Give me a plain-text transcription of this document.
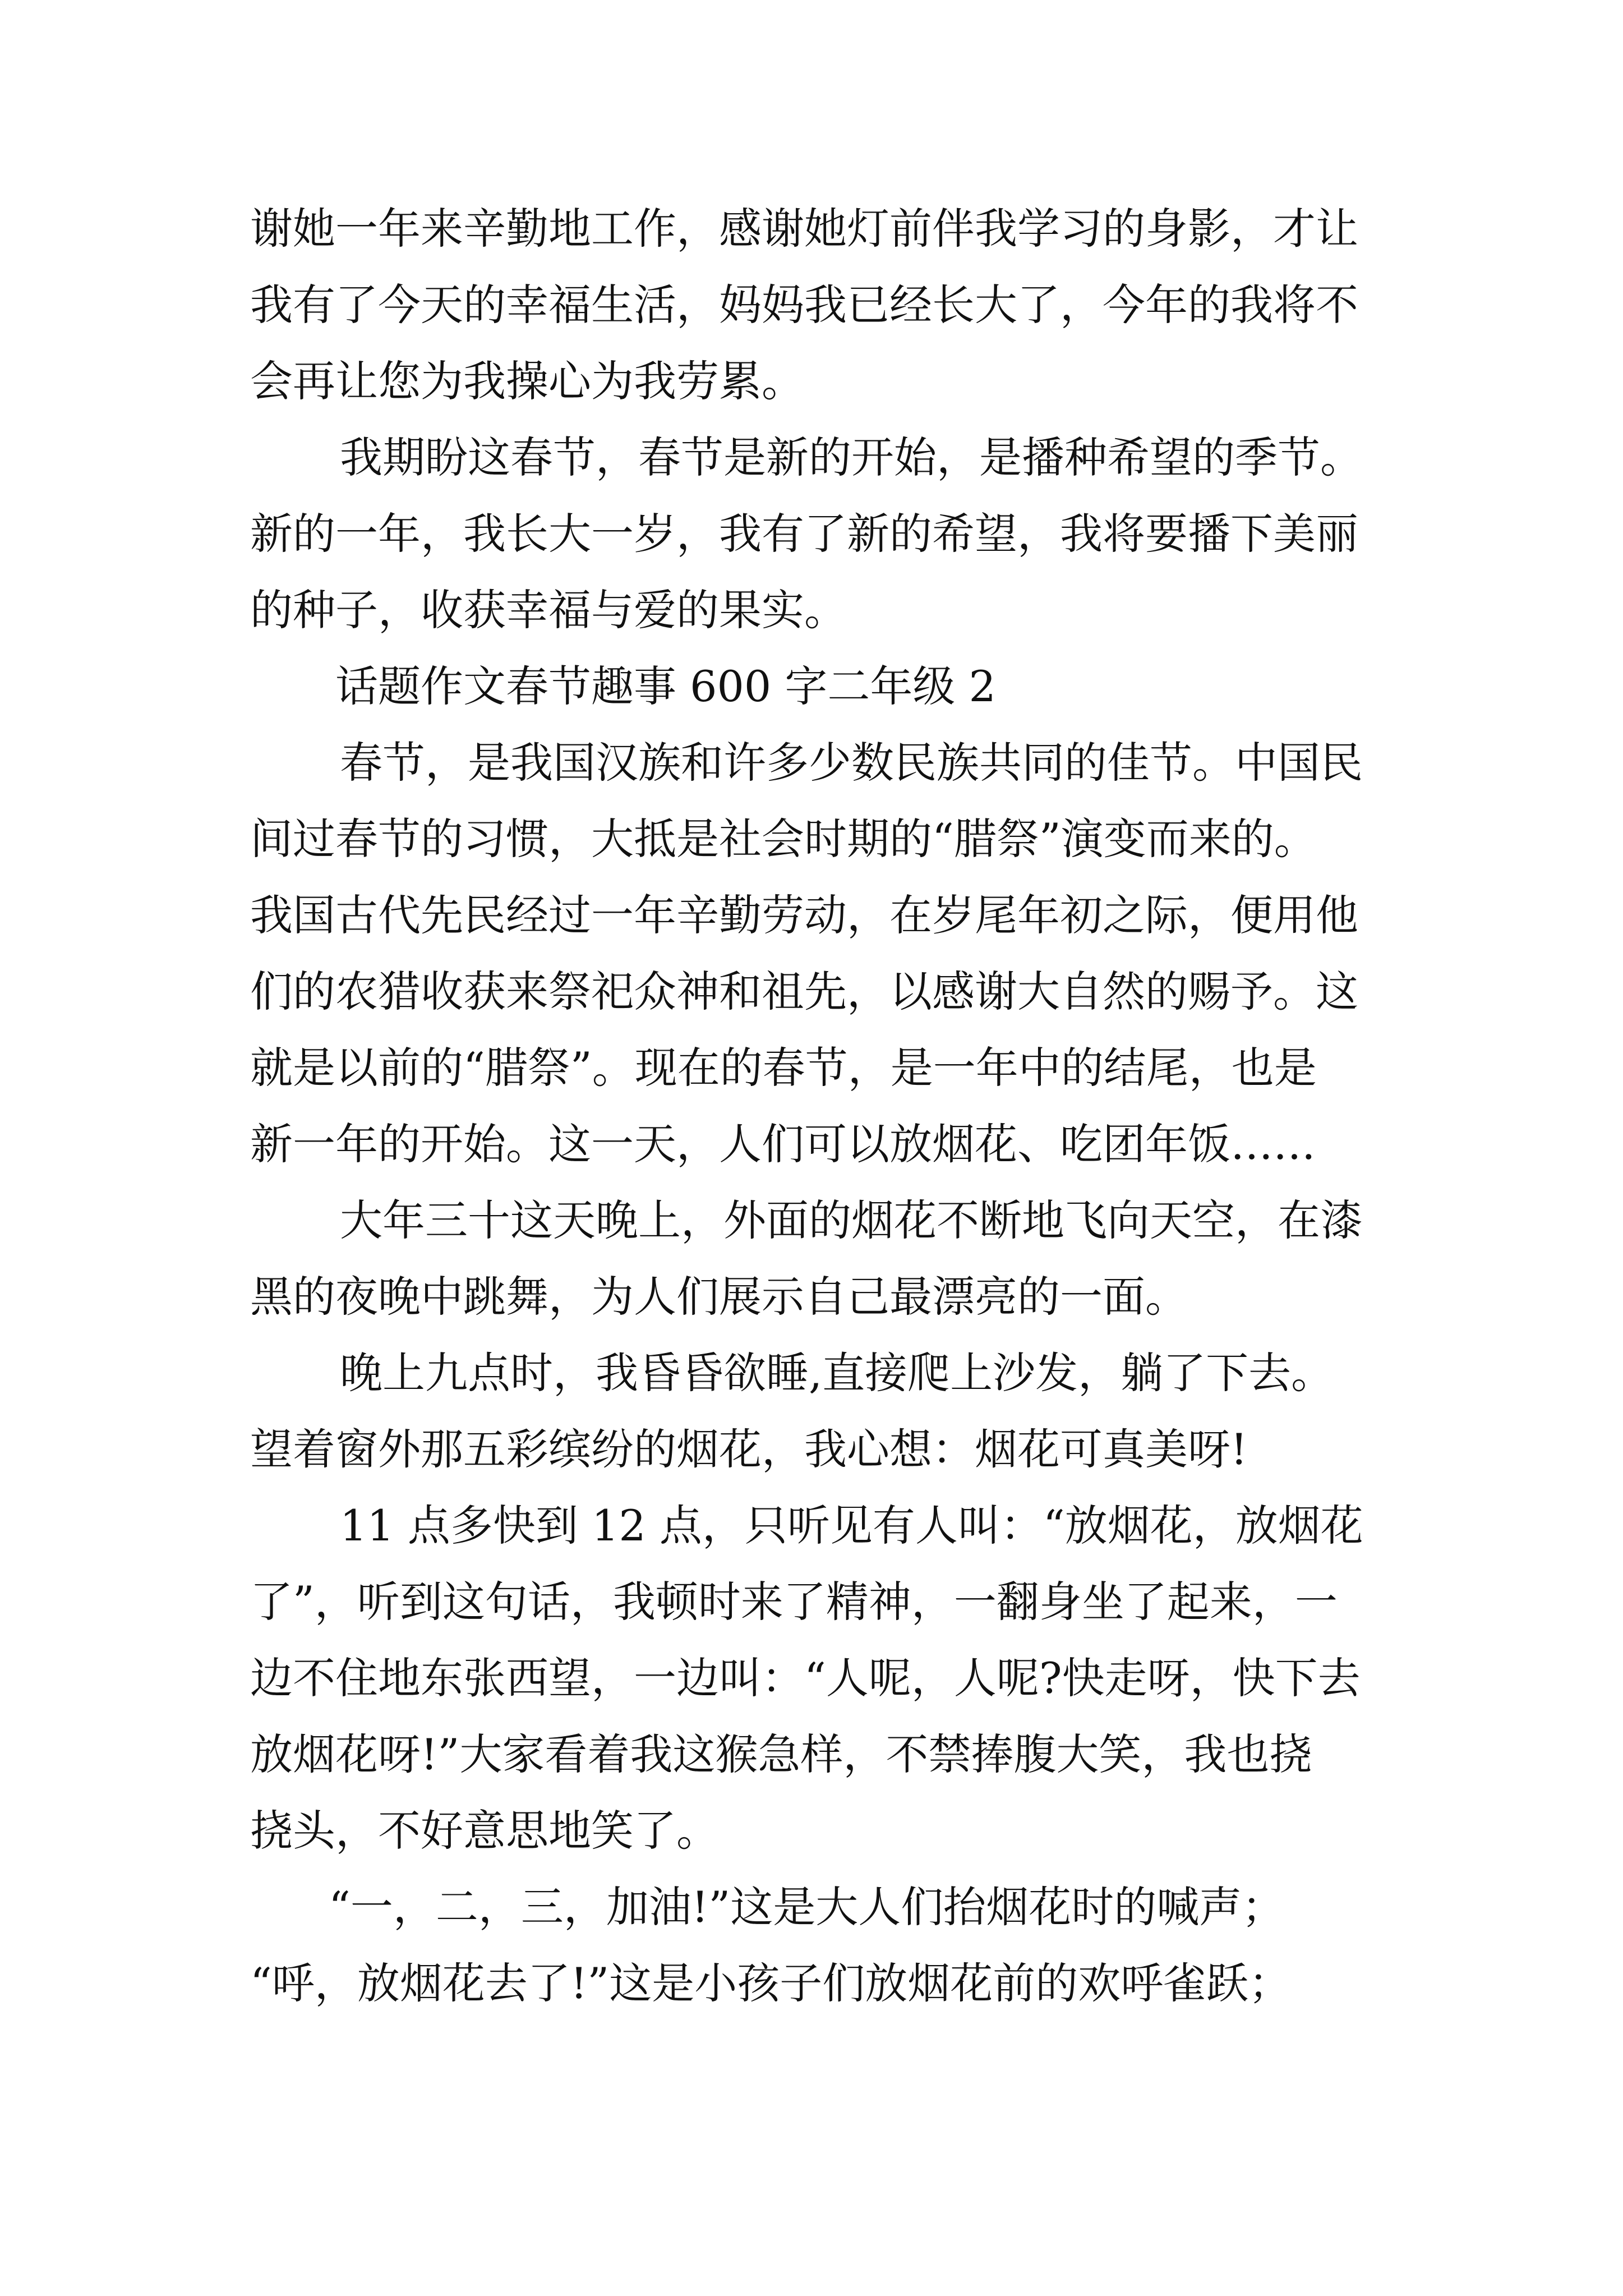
谢她一年来辛勤地工作，感谢她灯前伴我学习的身影，才让
我有了今天的幸福生活，妈妈我已经长大了，今年的我将不
会再让您为我操心为我劳累。
我期盼这春节，春节是新的开始，是播种希望的季节。
新的一年，我长大一岁，我有了新的希望，我将要播下美丽
的种子，收获幸福与爱的果实。
话题作文春节趣事 600 字二年级 2
春节，是我国汉族和许多少数民族共同的佳节。中国民
间过春节的习惯，大抵是社会时期的“腊祭”演变而来的。
我国古代先民经过一年辛勤劳动，在岁尾年初之际，便用他
们的农猎收获来祭祀众神和祖先，以感谢大自然的赐予。这
就是以前的“腊祭”。现在的春节，是一年中的结尾，也是
新一年的开始。这一天，人们可以放烟花、吃团年饭……
大年三十这天晚上，外面的烟花不断地飞向天空，在漆
黑的夜晚中跳舞，为人们展示自己最漂亮的一面。
晚上九点时，我昏昏欲睡,直接爬上沙发，躺了下去。
望着窗外那五彩缤纷的烟花，我心想：烟花可真美呀!
11 点多快到 12 点，只听见有人叫：“放烟花，放烟花
了”，听到这句话，我顿时来了精神，一翻身坐了起来，一
边不住地东张西望，一边叫：“人呢，人呢?快走呀，快下去
放烟花呀!”大家看着我这猴急样，不禁捧腹大笑，我也挠
挠头，不好意思地笑了。
“一，二，三，加油!”这是大人们抬烟花时的喊声；
“呼，放烟花去了!”这是小孩子们放烟花前的欢呼雀跃；
